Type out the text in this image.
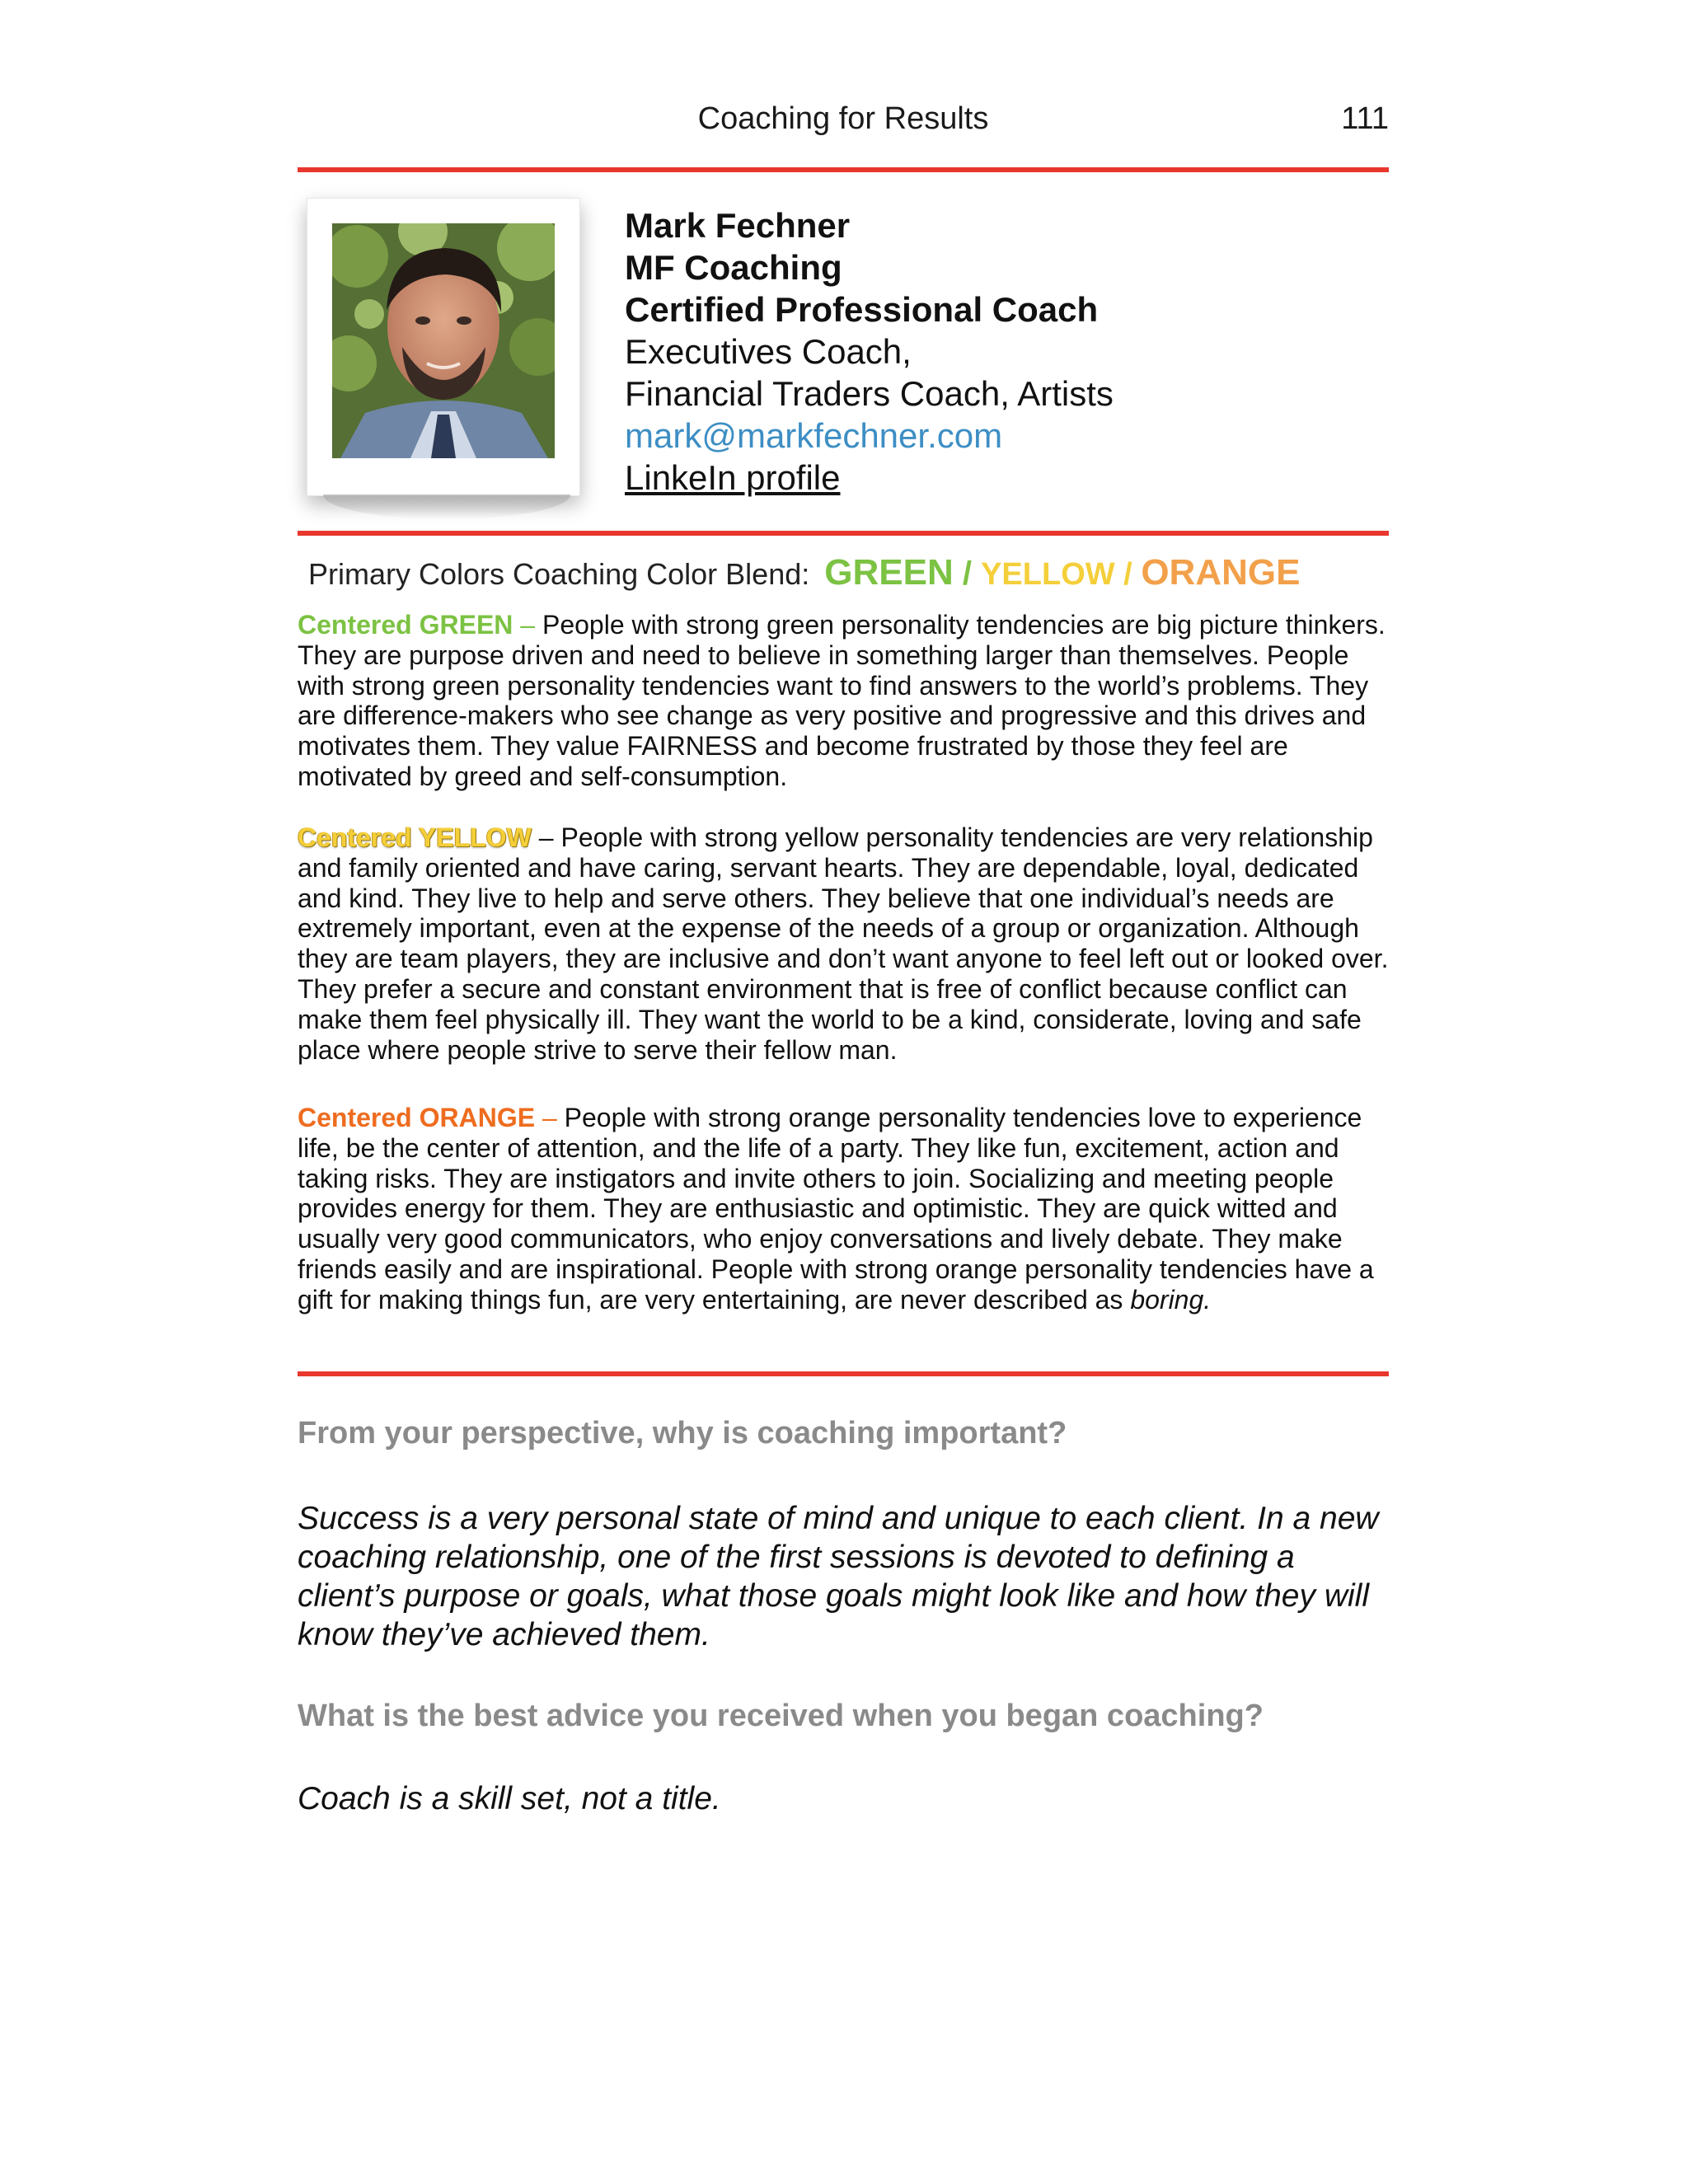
Coaching for Results	111
Mark Fechner
MF Coaching
Certified Professional Coach
Executives Coach,
Financial Traders Coach, Artists
mark@markfechner.com
LinkeIn profile
Primary Colors Coaching Color Blend: GREEN / YELLOW / ORANGE
Centered GREEN – People with strong green personality tendencies are big picture thinkers. They are purpose driven and need to believe in something larger than themselves. People with strong green personality tendencies want to find answers to the world’s problems. They are difference-makers who see change as very positive and progressive and this drives and motivates them. They value FAIRNESS and become frustrated by those they feel are motivated by greed and self-consumption.
Centered YELLOW – People with strong yellow personality tendencies are very relationship and family oriented and have caring, servant hearts. They are dependable, loyal, dedicated and kind. They live to help and serve others. They believe that one individual’s needs are extremely important, even at the expense of the needs of a group or organization. Although they are team players, they are inclusive and don’t want anyone to feel left out or looked over. They prefer a secure and constant environment that is free of conflict because conflict can make them feel physically ill. They want the world to be a kind, considerate, loving and safe place where people strive to serve their fellow man.
Centered ORANGE – People with strong orange personality tendencies love to experience life, be the center of attention, and the life of a party. They like fun, excitement, action and taking risks. They are instigators and invite others to join. Socializing and meeting people provides energy for them. They are enthusiastic and optimistic. They are quick witted and usually very good communicators, who enjoy conversations and lively debate. They make friends easily and are inspirational. People with strong orange personality tendencies have a gift for making things fun, are very entertaining, are never described as boring.
From your perspective, why is coaching important?
Success is a very personal state of mind and unique to each client. In a new coaching relationship, one of the first sessions is devoted to defining a client’s purpose or goals, what those goals might look like and how they will know they’ve achieved them.
What is the best advice you received when you began coaching?
Coach is a skill set, not a title.
